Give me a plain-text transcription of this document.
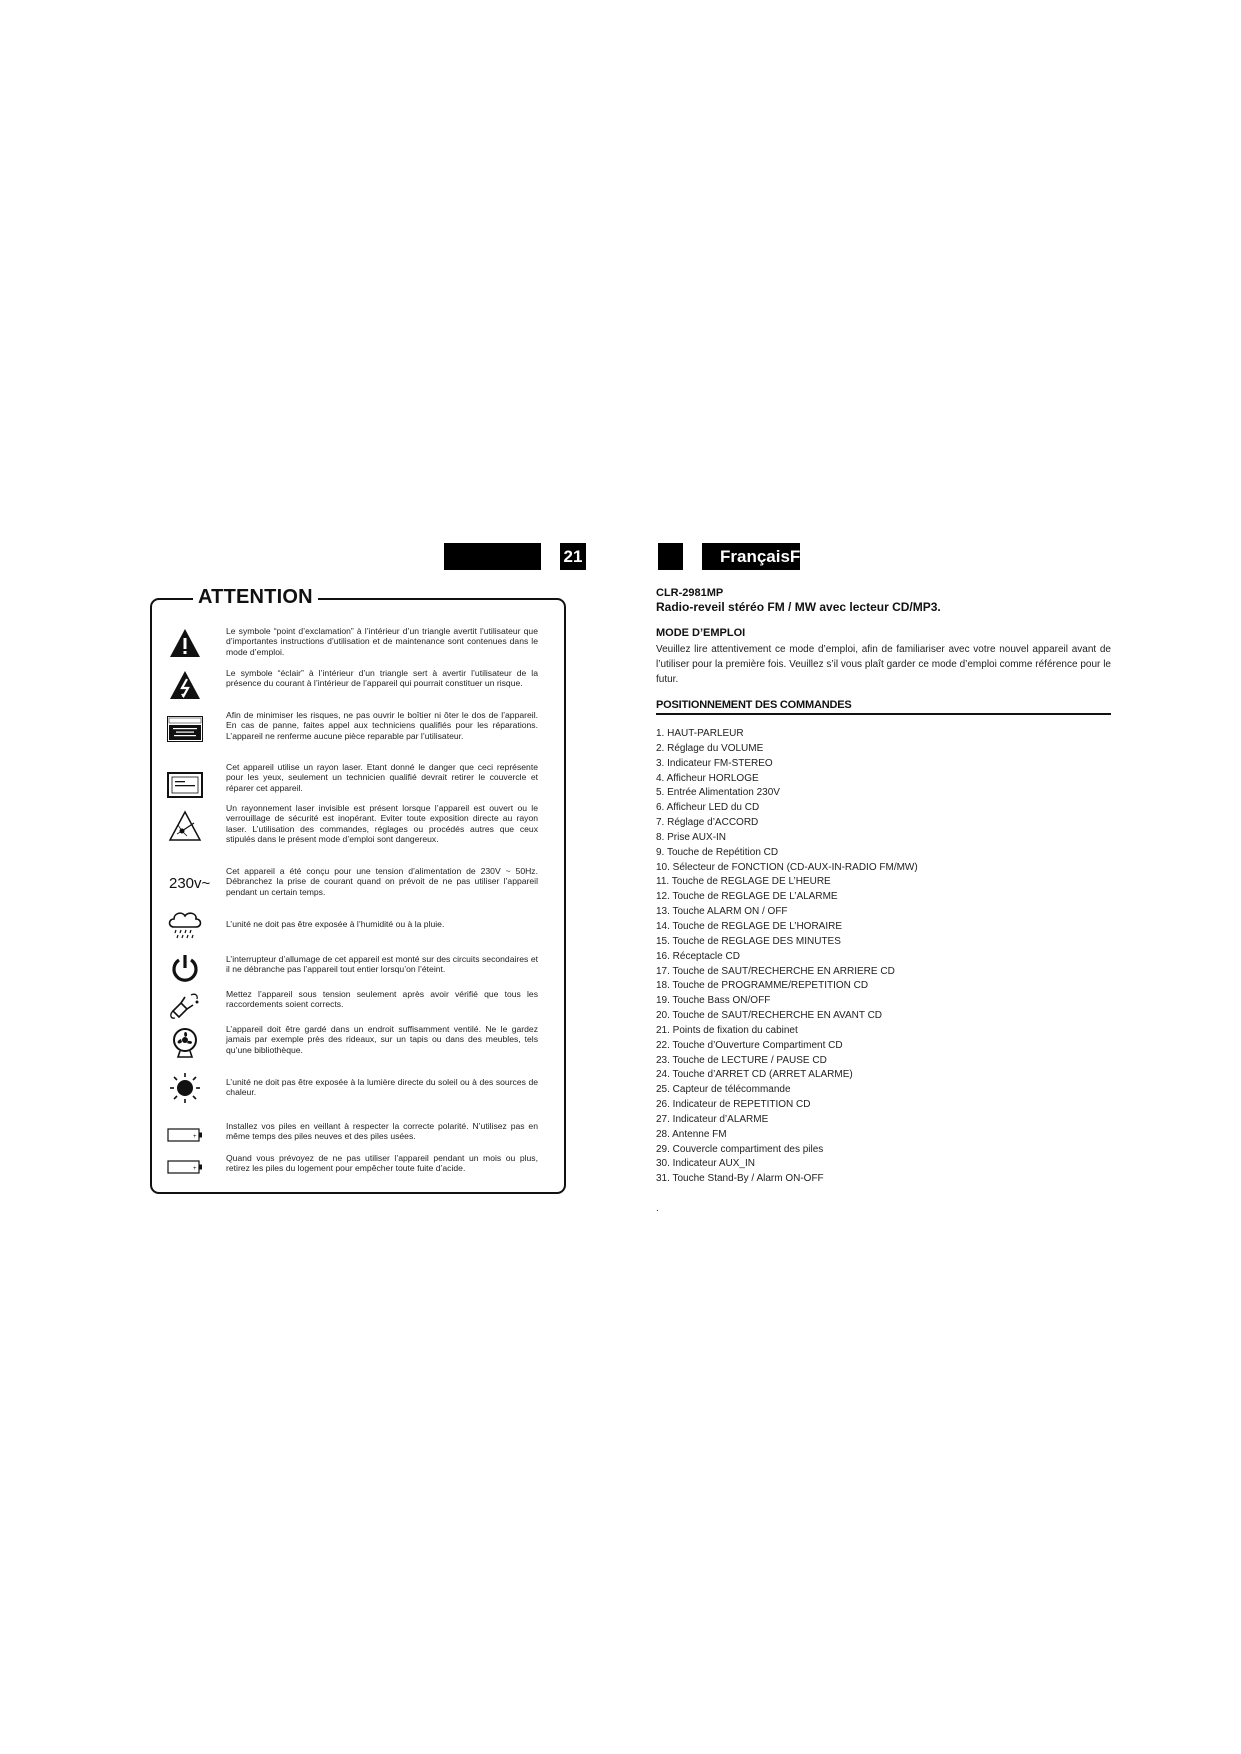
21	FrançaisFra
ATTENTION
Le symbole “point d’exclamation” à l’intérieur d’un triangle avertit l’utilisateur que d’importantes instructions d’utilisation et de maintenance sont contenues dans le mode d’emploi.
Le symbole “éclair” à l’intérieur d’un triangle sert à avertir l’utilisateur de la présence du courant à l’intérieur de l’appareil qui pourrait constituer un risque.
Afin de minimiser les risques, ne pas ouvrir le boîtier ni ôter le dos de l’appareil. En cas de panne, faites appel aux techniciens qualifiés pour les réparations. L’appareil ne renferme aucune pièce reparable par l’utilisateur.
Cet appareil utilise un rayon laser. Etant donné le danger que ceci représente pour les yeux, seulement un technicien qualifié devrait retirer le couvercle et réparer cet appareil.
Un rayonnement laser invisible est présent lorsque l’appareil est ouvert ou le verrouillage de sécurité est inopérant. Eviter toute exposition directe au rayon laser. L’utilisation des commandes, réglages ou procédés autres que ceux stipulés dans le présent mode d’emploi sont dangereux.
230v~
Cet appareil a été conçu pour une tension d’alimentation de 230V ~ 50Hz. Débranchez la prise de courant quand on prévoit de ne pas utiliser l’appareil pendant un certain temps.
L’unité ne doit pas être exposée à l’humidité ou à la pluie.
L’interrupteur d’allumage de cet appareil est monté sur des circuits secondaires et il ne débranche pas l’appareil tout entier lorsqu’on l’éteint.
Mettez l’appareil sous tension seulement après avoir vérifié que tous les raccordements soient corrects.
L’appareil doit être gardé dans un endroit suffisamment ventilé. Ne le gardez jamais par exemple près des rideaux, sur un tapis ou dans des meubles, tels qu’une bibliothèque.
L’unité ne doit pas être exposée à la lumière directe du soleil ou à des sources de chaleur.
+
Installez vos piles en veillant à respecter la correcte polarité. N’utilisez pas en même temps des piles neuves et des piles usées.
+
Quand vous prévoyez de ne pas utiliser l’appareil pendant un mois ou plus, retirez les piles du logement pour empêcher toute fuite d’acide.
CLR-2981MP
Radio-reveil stéréo FM / MW avec lecteur CD/MP3.
MODE D’EMPLOI
Veuillez lire attentivement ce mode d’emploi, afin de familiariser avec votre nouvel appareil avant de l’utiliser pour la première fois. Veuillez s’il vous plaît garder ce mode d’emploi comme référence pour le futur.
POSITIONNEMENT DES COMMANDES
1. HAUT-PARLEUR
2. Réglage du VOLUME
3. Indicateur FM-STEREO
4. Afficheur HORLOGE
5. Entrée Alimentation 230V
6. Afficheur LED du CD
7. Réglage d’ACCORD
8. Prise AUX-IN
9. Touche de Repétition CD
10. Sélecteur de FONCTION (CD-AUX-IN-RADIO FM/MW)
11. Touche de REGLAGE DE L’HEURE
12. Touche de REGLAGE DE L’ALARME
13. Touche ALARM ON / OFF
14. Touche de REGLAGE DE L’HORAIRE
15. Touche de REGLAGE DES MINUTES
16. Réceptacle CD
17. Touche de SAUT/RECHERCHE EN ARRIERE CD
18. Touche de PROGRAMME/REPETITION CD
19. Touche Bass ON/OFF
20. Touche de SAUT/RECHERCHE EN AVANT CD
21. Points de fixation du cabinet
22. Touche d’Ouverture Compartiment CD
23. Touche de LECTURE / PAUSE CD
24. Touche d’ARRET CD (ARRET ALARME)
25. Capteur de télécommande
26. Indicateur de REPETITION CD
27. Indicateur d’ALARME
28. Antenne FM
29. Couvercle compartiment des piles
30. Indicateur AUX_IN
31. Touche Stand-By / Alarm ON-OFF
.
